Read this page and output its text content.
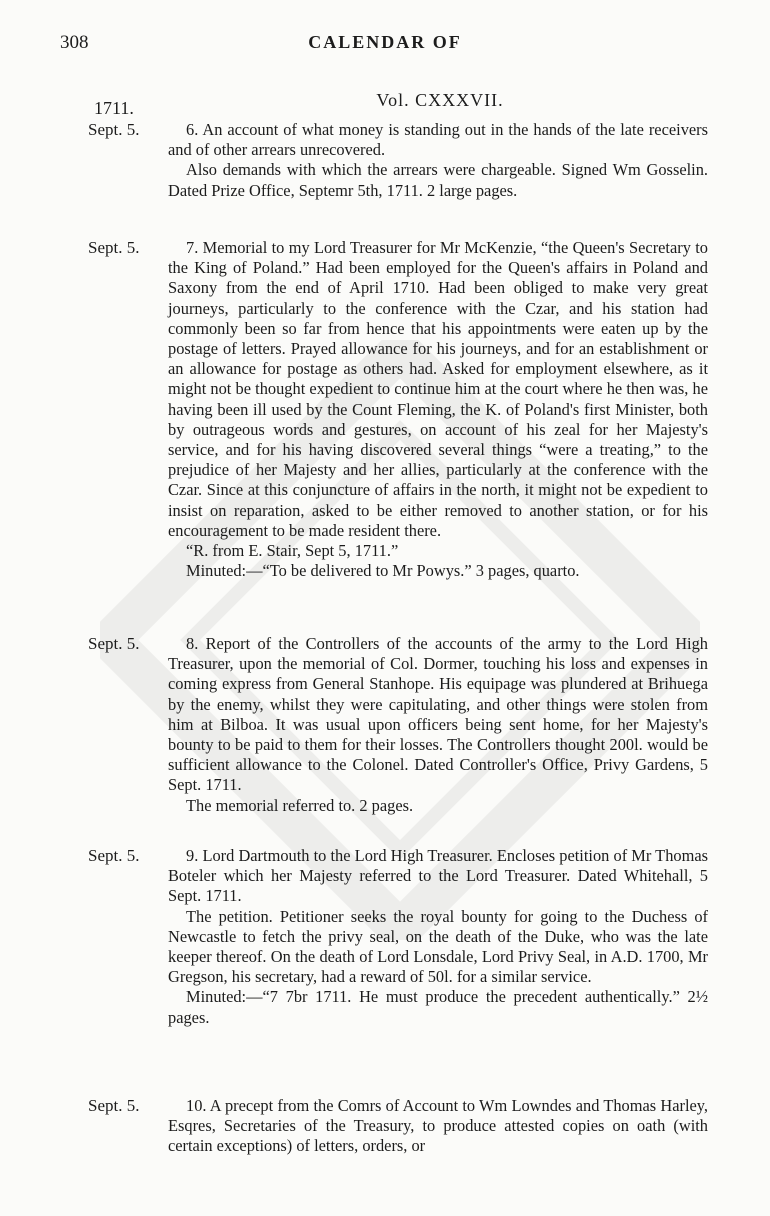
308	CALENDAR OF
Vol. CXXXVII.
1711.
Sept. 5.	6. An account of what money is standing out in the hands of the late receivers and of other arrears unrecovered.

Also demands with which the arrears were chargeable. Signed Wm Gosselin. Dated Prize Office, Septemr 5th, 1711. 2 large pages.

Sept. 5.	7. Memorial to my Lord Treasurer for Mr McKenzie, “the Queen's Secretary to the King of Poland.” Had been employed for the Queen's affairs in Poland and Saxony from the end of April 1710. Had been obliged to make very great journeys, particularly to the conference with the Czar, and his station had commonly been so far from hence that his appointments were eaten up by the postage of letters. Prayed allowance for his journeys, and for an establishment or an allowance for postage as others had. Asked for employment elsewhere, as it might not be thought expedient to continue him at the court where he then was, he having been ill used by the Count Fleming, the K. of Poland's first Minister, both by outrageous words and gestures, on account of his zeal for her Majesty's service, and for his having discovered several things “were a treating,” to the prejudice of her Majesty and her allies, particularly at the conference with the Czar. Since at this conjuncture of affairs in the north, it might not be expedient to insist on reparation, asked to be either removed to another station, or for his encouragement to be made resident there.

“R. from E. Stair, Sept 5, 1711.”

Minuted:—“To be delivered to Mr Powys.” 3 pages, quarto.

Sept. 5.	8. Report of the Controllers of the accounts of the army to the Lord High Treasurer, upon the memorial of Col. Dormer, touching his loss and expenses in coming express from General Stanhope. His equipage was plundered at Brihuega by the enemy, whilst they were capitulating, and other things were stolen from him at Bilboa. It was usual upon officers being sent home, for her Majesty's bounty to be paid to them for their losses. The Controllers thought 200l. would be sufficient allowance to the Colonel. Dated Controller's Office, Privy Gardens, 5 Sept. 1711.

The memorial referred to. 2 pages.

Sept. 5.	9. Lord Dartmouth to the Lord High Treasurer. Encloses petition of Mr Thomas Boteler which her Majesty referred to the Lord Treasurer. Dated Whitehall, 5 Sept. 1711.

The petition. Petitioner seeks the royal bounty for going to the Duchess of Newcastle to fetch the privy seal, on the death of the Duke, who was the late keeper thereof. On the death of Lord Lonsdale, Lord Privy Seal, in A.D. 1700, Mr Gregson, his secretary, had a reward of 50l. for a similar service.

Minuted:—“7 7br 1711. He must produce the precedent authentically.” 2½ pages.

Sept. 5.	10. A precept from the Comrs of Account to Wm Lowndes and Thomas Harley, Esqres, Secretaries of the Treasury, to produce attested copies on oath (with certain exceptions) of letters, orders, or
